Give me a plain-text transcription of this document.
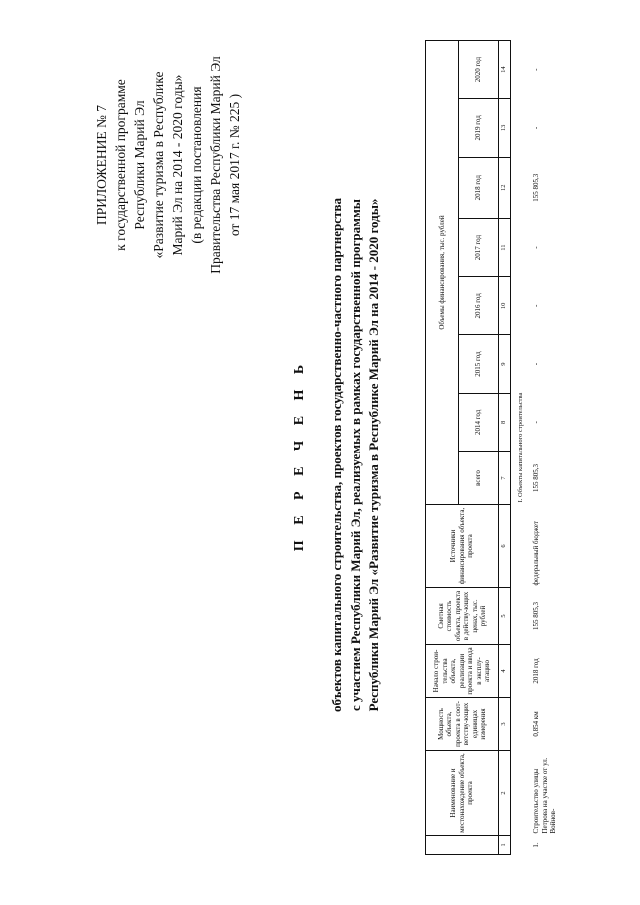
ПРИЛОЖЕНИЕ № 7 к государственной программе Республики Марий Эл «Развитие туризма в Республике Марий Эл на 2014 - 2020 годы» (в редакции постановления Правительства Республики Марий Эл от 17 мая 2017 г. № 225 )
П Е Р Е Ч Е Н Ь объектов капитального строительства, проектов государственно-частного партнерства с участием Республики Марий Эл, реализуемых в рамках государственной программы Республики Марий Эл «Развитие туризма в Республике Марий Эл на 2014 - 2020 годы»
	Наименование и местонахождение объекта, проекта	Мощность объекта, проекта в соот-ветству-ющих единицах измерения	Начало строи-тельства объекта, реализации проекта и ввода в эксплу-атацию	Сметная стоимость объекта, проекта в действу-ющих ценах, тыс. рублей	Источники финансирования объекта, проекта	Объемы финансирования, тыс. рублей							
						всего	2014 год	2015 год	2016 год	2017 год	2018 год	2019 год	2020 год
1	2	3	4	5	6	7	8	9	10	11	12	13	14
I. Объекты капитального строительства													
1.	Строительство улицы Петрова на участке от ул. Войнов-	0,854 км	2018 год	155 805,3	федеральный бюджет	155 805,3	-	-	-	-	155 805,3	-	-
